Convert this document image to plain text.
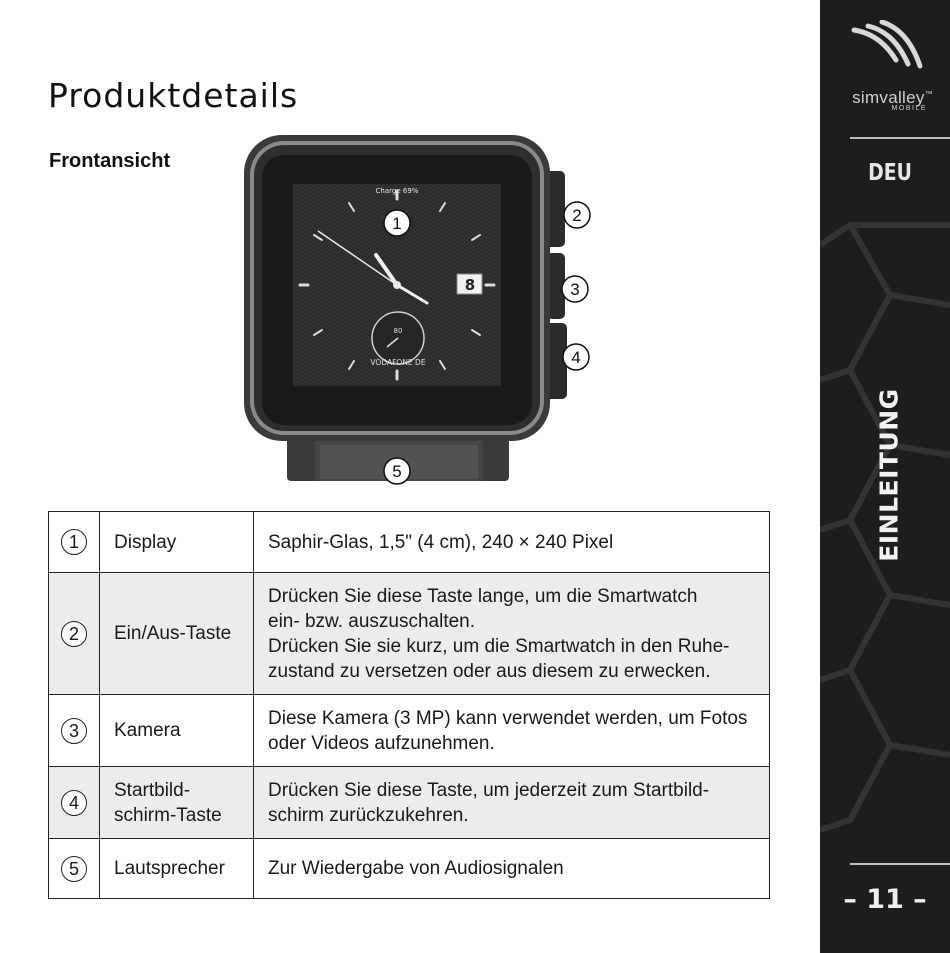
Produktdetails
Frontansicht
Charge 69%
8
80
VODAFONE DE
1	2
3
4
5
1	Display	Saphir-Glas, 1,5" (4 cm), 240 × 240 Pixel

2	Ein/Aus-Taste	Drücken Sie diese Taste lange, um die Smartwatch
ein- bzw. auszuschalten.
Drücken Sie sie kurz, um die Smartwatch in den Ruhe-
zustand zu versetzen oder aus diesem zu erwecken.

3	Kamera	Diese Kamera (3 MP) kann verwendet werden, um Fotos
oder Videos aufzunehmen.

4	Startbild-
schirm-Taste	Drücken Sie diese Taste, um jederzeit zum Startbild-
schirm zurückzukehren.

5	Lautsprecher	Zur Wiedergabe von Audiosignalen
simvalley™
MOBILE
DEU
EINLEITUNG
– 11 –
